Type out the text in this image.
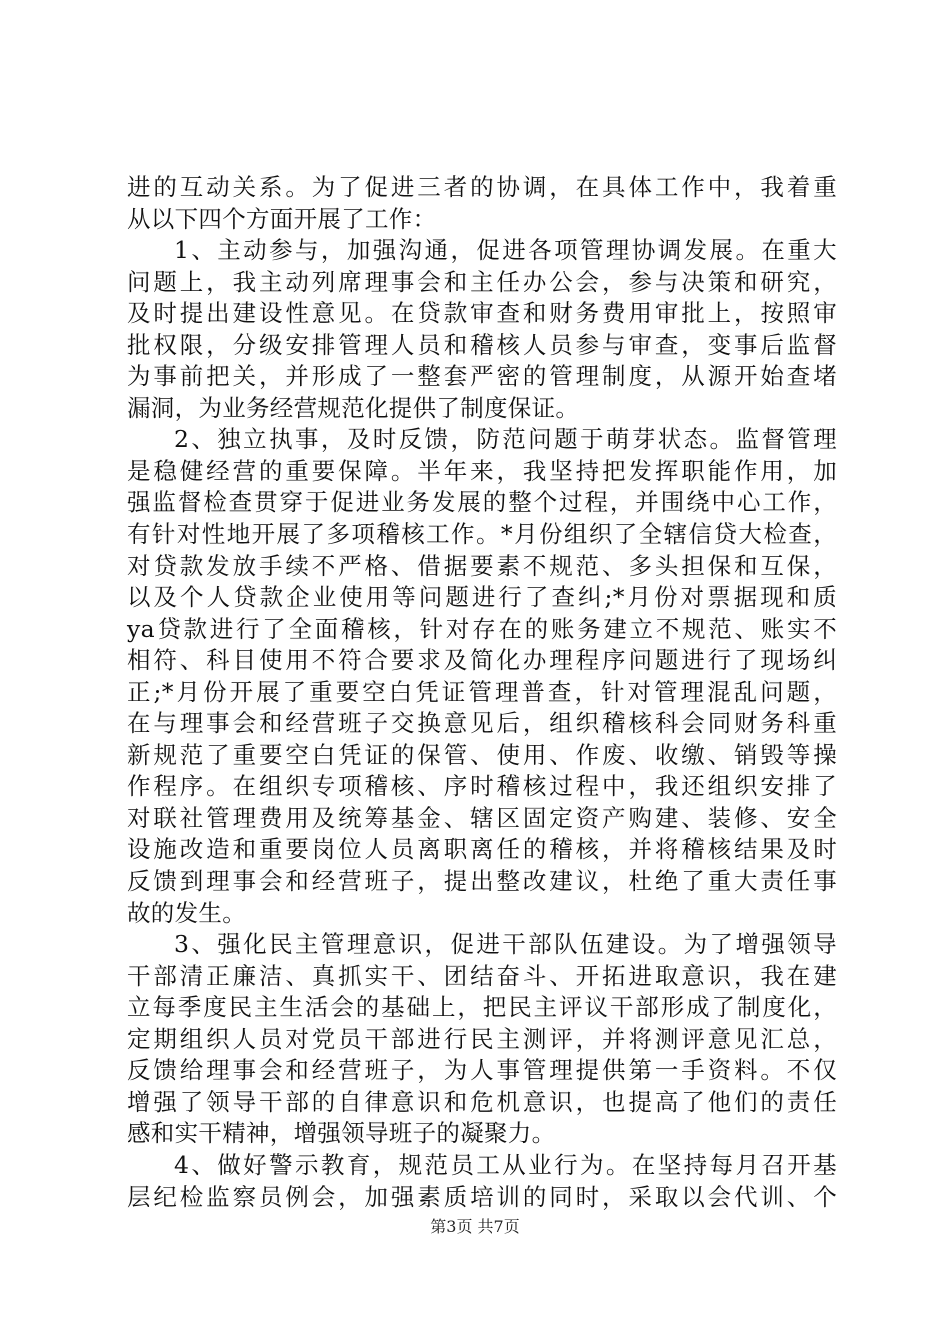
进的互动关系。为了促进三者的协调，在具体工作中，我着重
从以下四个方面开展了工作：
1、主动参与，加强沟通，促进各项管理协调发展。在重大
问题上，我主动列席理事会和主任办公会，参与决策和研究，
及时提出建设性意见。在贷款审查和财务费用审批上，按照审
批权限，分级安排管理人员和稽核人员参与审查，变事后监督
为事前把关，并形成了一整套严密的管理制度，从源开始查堵
漏洞，为业务经营规范化提供了制度保证。
2、独立执事，及时反馈，防范问题于萌芽状态。监督管理
是稳健经营的重要保障。半年来，我坚持把发挥职能作用，加
强监督检查贯穿于促进业务发展的整个过程，并围绕中心工作，
有针对性地开展了多项稽核工作。*月份组织了全辖信贷大检查，
对贷款发放手续不严格、借据要素不规范、多头担保和互保，
以及个人贷款企业使用等问题进行了查纠;*月份对票据现和质
ya贷款进行了全面稽核，针对存在的账务建立不规范、账实不
相符、科目使用不符合要求及简化办理程序问题进行了现场纠
正;*月份开展了重要空白凭证管理普查，针对管理混乱问题，
在与理事会和经营班子交换意见后，组织稽核科会同财务科重
新规范了重要空白凭证的保管、使用、作废、收缴、销毁等操
作程序。在组织专项稽核、序时稽核过程中，我还组织安排了
对联社管理费用及统筹基金、辖区固定资产购建、装修、安全
设施改造和重要岗位人员离职离任的稽核，并将稽核结果及时
反馈到理事会和经营班子，提出整改建议，杜绝了重大责任事
故的发生。
3、强化民主管理意识，促进干部队伍建设。为了增强领导
干部清正廉洁、真抓实干、团结奋斗、开拓进取意识，我在建
立每季度民主生活会的基础上，把民主评议干部形成了制度化，
定期组织人员对党员干部进行民主测评，并将测评意见汇总，
反馈给理事会和经营班子，为人事管理提供第一手资料。不仅
增强了领导干部的自律意识和危机意识，也提高了他们的责任
感和实干精神，增强领导班子的凝聚力。
4、做好警示教育，规范员工从业行为。在坚持每月召开基
层纪检监察员例会，加强素质培训的同时，采取以会代训、个
第3页 共7页
